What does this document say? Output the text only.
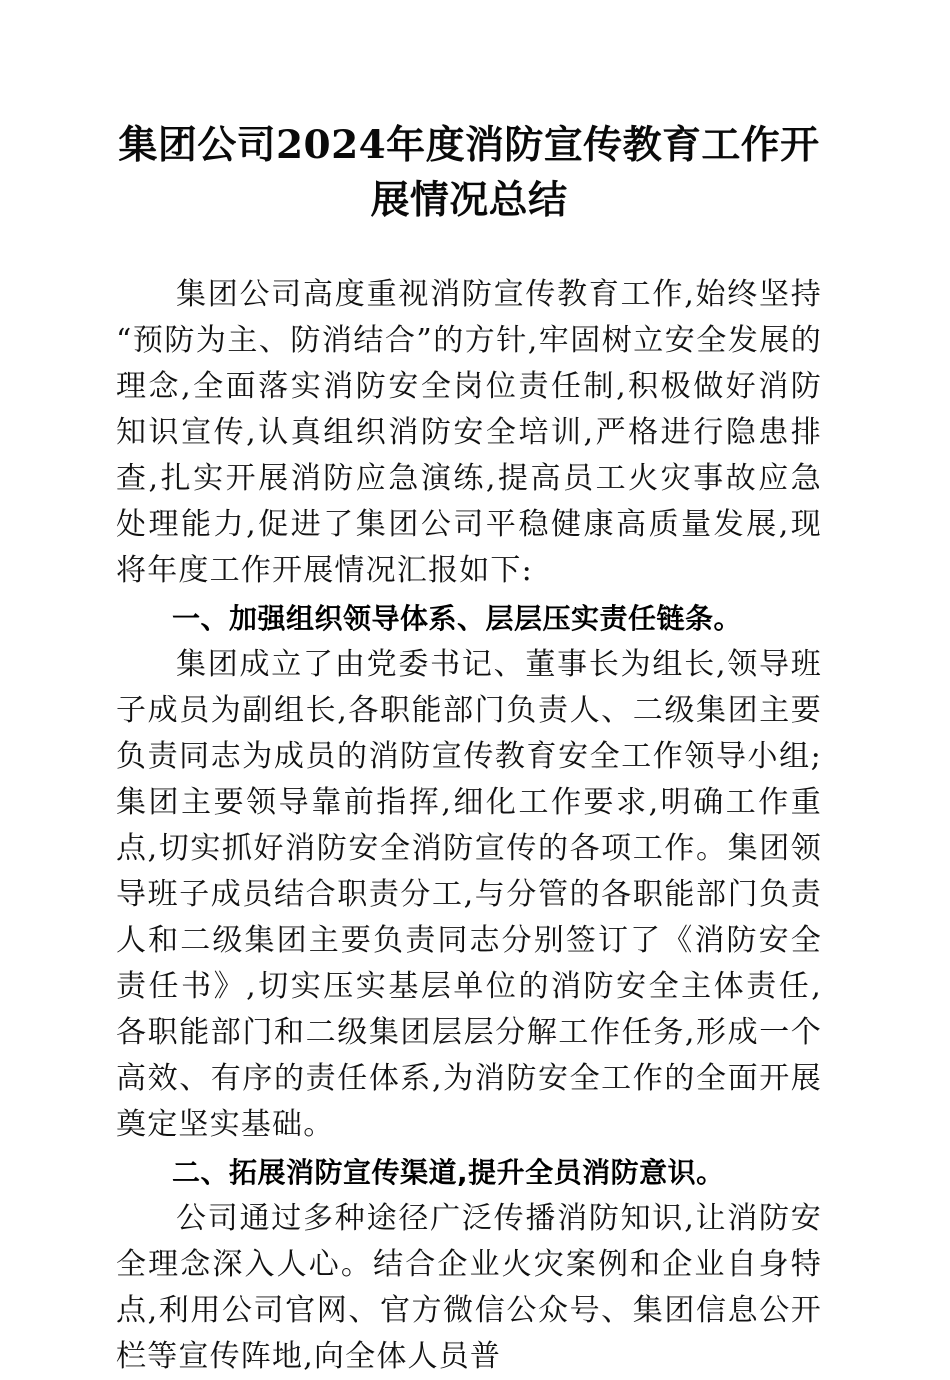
集团公司2024年度消防宣传教育工作开展情况总结

集团公司高度重视消防宣传教育工作,始终坚持“预防为主、防消结合”的方针,牢固树立安全发展的理念,全面落实消防安全岗位责任制,积极做好消防知识宣传,认真组织消防安全培训,严格进行隐患排查,扎实开展消防应急演练,提高员工火灾事故应急处理能力,促进了集团公司平稳健康高质量发展,现将年度工作开展情况汇报如下:

一、加强组织领导体系、层层压实责任链条。

集团成立了由党委书记、董事长为组长,领导班子成员为副组长,各职能部门负责人、二级集团主要负责同志为成员的消防宣传教育安全工作领导小组;集团主要领导靠前指挥,细化工作要求,明确工作重点,切实抓好消防安全消防宣传的各项工作。集团领导班子成员结合职责分工,与分管的各职能部门负责人和二级集团主要负责同志分别签订了《消防安全责任书》,切实压实基层单位的消防安全主体责任,各职能部门和二级集团层层分解工作任务,形成一个高效、有序的责任体系,为消防安全工作的全面开展奠定坚实基础。

二、拓展消防宣传渠道,提升全员消防意识。

公司通过多种途径广泛传播消防知识,让消防安全理念深入人心。结合企业火灾案例和企业自身特点,利用公司官网、官方微信公众号、集团信息公开栏等宣传阵地,向全体人员普
